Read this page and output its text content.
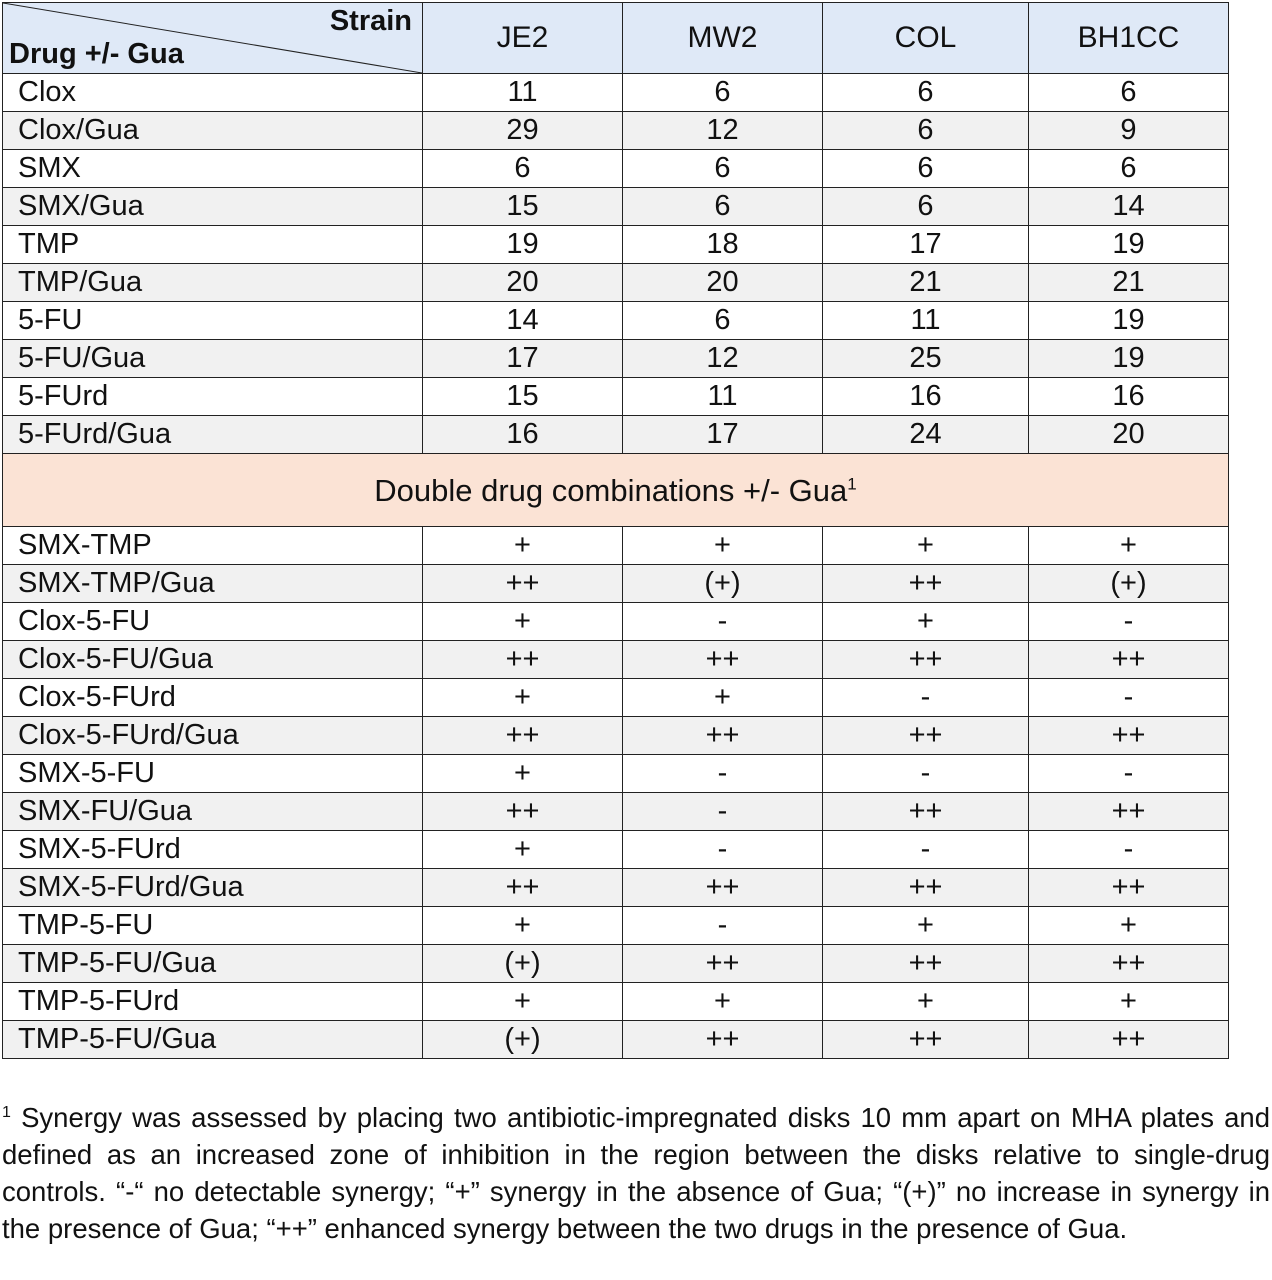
Strain
Drug +/- Gua	JE2	MW2	COL	BH1CC
Clox	11	6	6	6
Clox/Gua	29	12	6	9
SMX	6	6	6	6
SMX/Gua	15	6	6	14
TMP	19	18	17	19
TMP/Gua	20	20	21	21
5-FU	14	6	11	19
5-FU/Gua	17	12	25	19
5-FUrd	15	11	16	16
5-FUrd/Gua	16	17	24	20
Double drug combinations +/- Gua$^1$
SMX-TMP	+	+	+	+
SMX-TMP/Gua	++	(+)	++	(+)
Clox-5-FU	+	-	+	-
Clox-5-FU/Gua	++	++	++	++
Clox-5-FUrd	+	+	-	-
Clox-5-FUrd/Gua	++	++	++	++
SMX-5-FU	+	-	-	-
SMX-FU/Gua	++	-	++	++
SMX-5-FUrd	+	-	-	-
SMX-5-FUrd/Gua	++	++	++	++
TMP-5-FU	+	-	+	+
TMP-5-FU/Gua	(+)	++	++	++
TMP-5-FUrd	+	+	+	+
TMP-5-FU/Gua	(+)	++	++	++
$^1$ Synergy was assessed by placing two antibiotic-impregnated disks 10 mm apart on MHA plates and defined as an increased zone of inhibition in the region between the disks relative to single-drug controls. “-“ no detectable synergy; “+” synergy in the absence of Gua; “(+)” no increase in synergy in the presence of Gua; “++” enhanced synergy between the two drugs in the presence of Gua.
